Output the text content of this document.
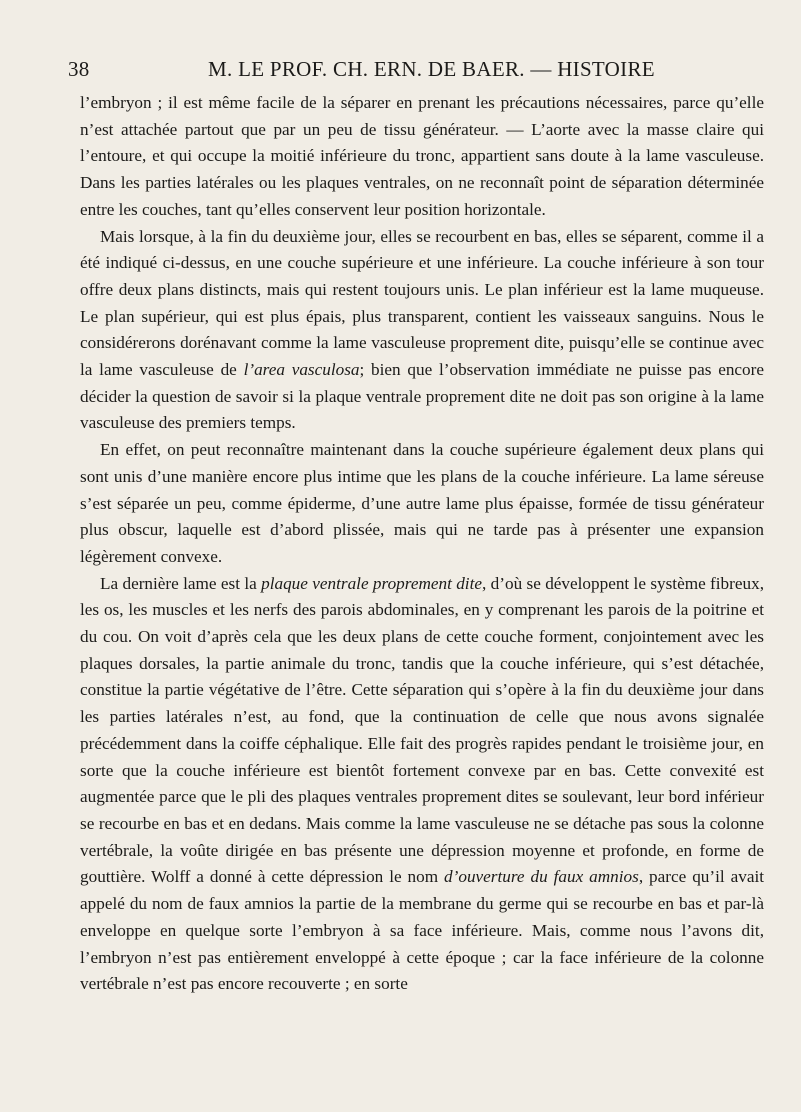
38	M. LE PROF. CH. ERN. DE BAER. — HISTOIRE

l’embryon ; il est même facile de la séparer en prenant les précautions nécessaires, parce qu’elle n’est attachée partout que par un peu de tissu générateur. — L’aorte avec la masse claire qui l’entoure, et qui occupe la moitié inférieure du tronc, appartient sans doute à la lame vasculeuse. Dans les parties latérales ou les plaques ventrales, on ne reconnaît point de séparation déterminée entre les couches, tant qu’elles conservent leur position horizontale.

Mais lorsque, à la fin du deuxième jour, elles se recourbent en bas, elles se séparent, comme il a été indiqué ci-dessus, en une couche supérieure et une inférieure. La couche inférieure à son tour offre deux plans distincts, mais qui restent toujours unis. Le plan inférieur est la lame muqueuse. Le plan supérieur, qui est plus épais, plus transparent, contient les vaisseaux sanguins. Nous le considérerons dorénavant comme la lame vasculeuse proprement dite, puisqu’elle se continue avec la lame vasculeuse de l’area vasculosa; bien que l’observation immédiate ne puisse pas encore décider la question de savoir si la plaque ventrale proprement dite ne doit pas son origine à la lame vasculeuse des premiers temps.

En effet, on peut reconnaître maintenant dans la couche supérieure également deux plans qui sont unis d’une manière encore plus intime que les plans de la couche inférieure. La lame séreuse s’est séparée un peu, comme épiderme, d’une autre lame plus épaisse, formée de tissu générateur plus obscur, laquelle est d’abord plissée, mais qui ne tarde pas à présenter une expansion légèrement convexe.

La dernière lame est la plaque ventrale proprement dite, d’où se développent le système fibreux, les os, les muscles et les nerfs des parois abdominales, en y comprenant les parois de la poitrine et du cou. On voit d’après cela que les deux plans de cette couche forment, conjointement avec les plaques dorsales, la partie animale du tronc, tandis que la couche inférieure, qui s’est détachée, constitue la partie végétative de l’être. Cette séparation qui s’opère à la fin du deuxième jour dans les parties latérales n’est, au fond, que la continuation de celle que nous avons signalée précédemment dans la coiffe céphalique. Elle fait des progrès rapides pendant le troisième jour, en sorte que la couche inférieure est bientôt fortement convexe par en bas. Cette convexité est augmentée parce que le pli des plaques ventrales proprement dites se soulevant, leur bord inférieur se recourbe en bas et en dedans. Mais comme la lame vasculeuse ne se détache pas sous la colonne vertébrale, la voûte dirigée en bas présente une dépression moyenne et profonde, en forme de gouttière. Wolff a donné à cette dépression le nom d’ouverture du faux amnios, parce qu’il avait appelé du nom de faux amnios la partie de la membrane du germe qui se recourbe en bas et par-là enveloppe en quelque sorte l’embryon à sa face inférieure. Mais, comme nous l’avons dit, l’embryon n’est pas entièrement enveloppé à cette époque ; car la face inférieure de la colonne vertébrale n’est pas encore recouverte ; en sorte
